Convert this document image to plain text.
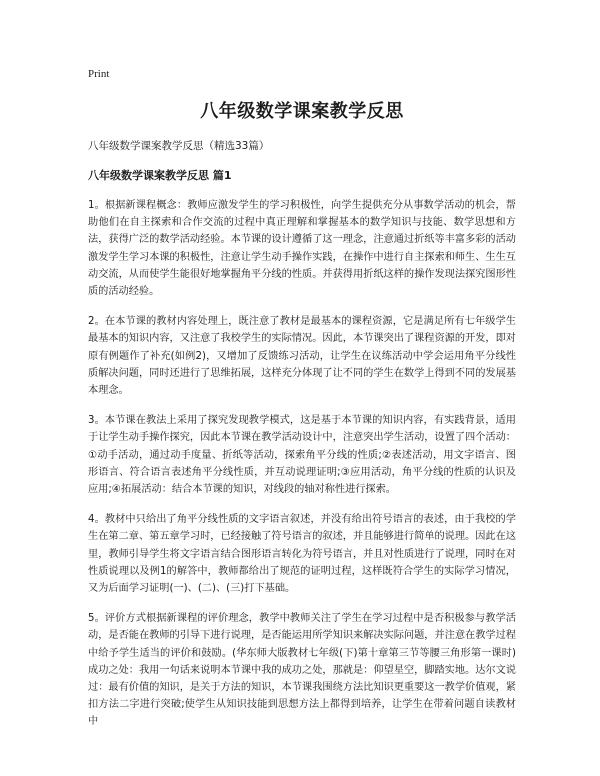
Print
八年级数学课案教学反思

八年级数学课案教学反思（精选33篇）

八年级数学课案教学反思 篇1

1。根据新课程概念：教师应激发学生的学习积极性，向学生提供充分从事数学活动的机会，帮助他们在自主探索和合作交流的过程中真正理解和掌握基本的数学知识与技能、数学思想和方法，获得广泛的数学活动经验。本节课的设计遵循了这一理念，注意通过折纸等丰富多彩的活动激发学生学习本课的积极性，注意让学生动手操作实践，在操作中进行自主探索和师生、生生互动交流，从而使学生能很好地掌握角平分线的性质。并获得用折纸这样的操作发现法探究图形性质的活动经验。

2。在本节课的教材内容处理上，既注意了教材是最基本的课程资源，它是满足所有七年级学生最基本的知识内容，又注意了我校学生的实际情况。因此，本节课突出了课程资源的开发，即对原有例题作了补充(如例2)，又增加了反馈练习活动，让学生在议练活动中学会运用角平分线性质解决问题，同时还进行了思维拓展，这样充分体现了让不同的学生在数学上得到不同的发展基本理念。

3。本节课在教法上采用了探究发现教学模式，这是基于本节课的知识内容，有实践背景，适用于让学生动手操作探究，因此本节课在教学活动设计中，注意突出学生活动，设置了四个活动：①动手活动，通过动手度量、折纸等活动，探索角平分线的性质;②表述活动，用文字语言、图形语言、符合语言表述角平分线性质，并互动说理证明;③应用活动，角平分线的性质的认识及应用;④拓展活动：结合本节课的知识，对线段的轴对称性进行探索。

4。教材中只给出了角平分线性质的文字语言叙述，并没有给出符号语言的表述，由于我校的学生在第二章、第五章学习时，已经接触了符号语言的叙述，并且能够进行简单的说理。因此在这里，教师引导学生将文字语言结合图形语言转化为符号语言，并且对性质进行了说理，同时在对性质说理以及例1的解答中，教师都给出了规范的证明过程，这样既符合学生的实际学习情况，又为后面学习证明(一)、(二)、(三)打下基础。

5。评价方式根据新课程的评价理念，教学中教师关注了学生在学习过程中是否积极参与教学活动，是否能在教师的引导下进行说理，是否能运用所学知识来解决实际问题，并注意在教学过程中给予学生适当的评价和鼓励。(华东师大版教材七年级(下)第十章第三节等腰三角形第一课时)成功之处：我用一句话来说明本节课中我的成功之处，那就是：仰望星空，脚踏实地。达尔文说过：最有价值的知识，是关于方法的知识，本节课我围绕方法比知识更重要这一教学价值观，紧扣方法二字进行突破;使学生从知识技能到思想方法上都得到培养，让学生在带着问题自读教材中
